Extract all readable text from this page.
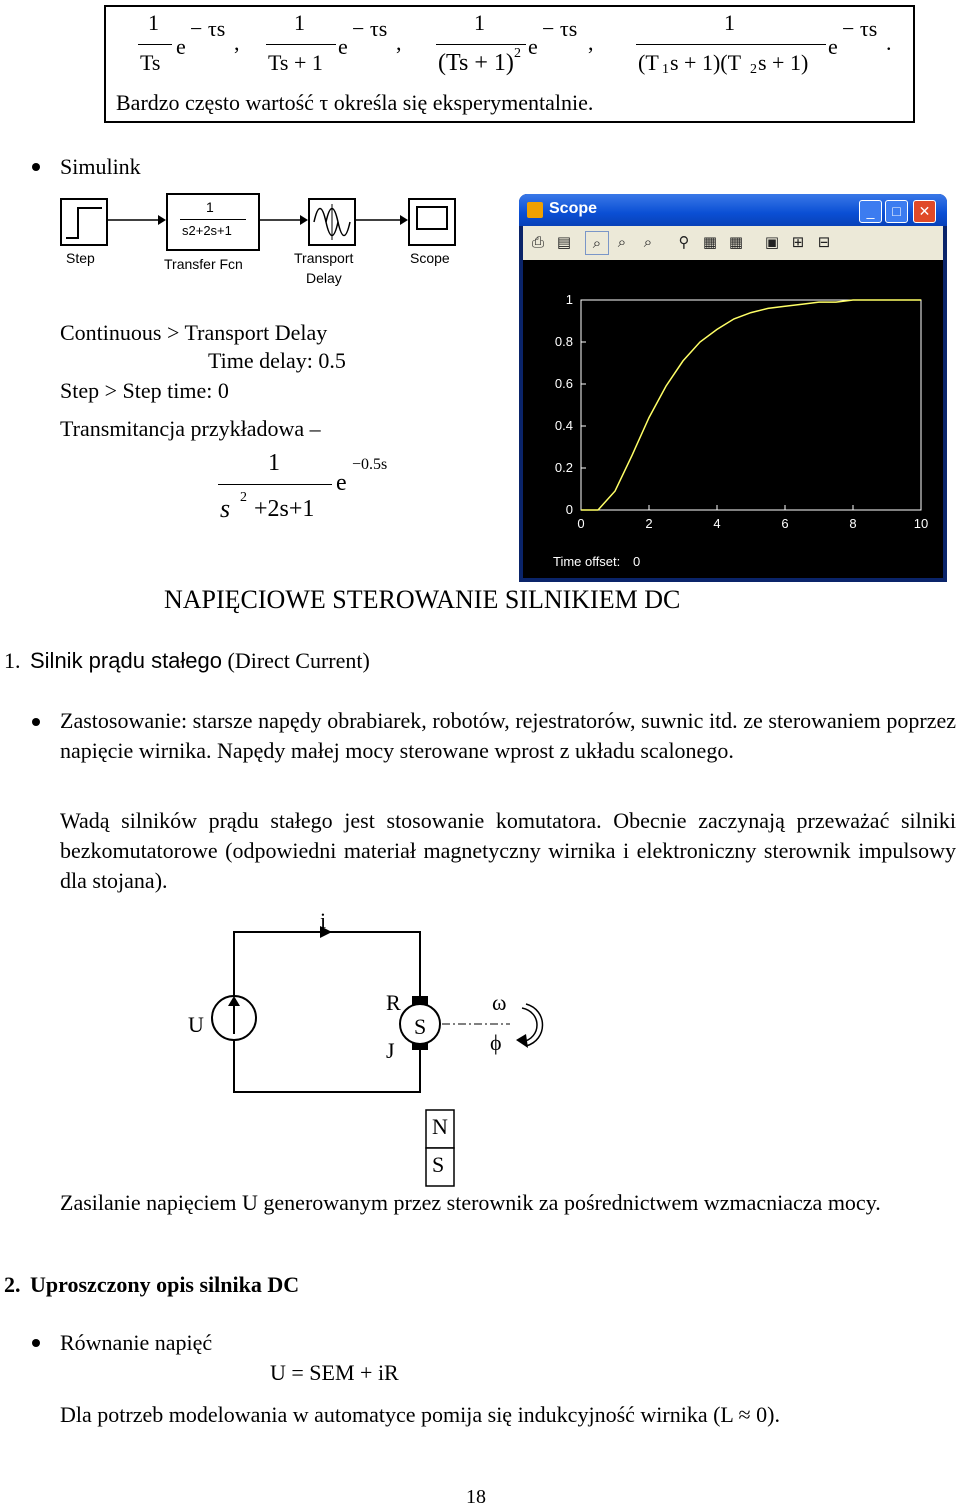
1
Ts
e
− τs
,
1
Ts + 1
e
− τs
,
1
(Ts + 1) 2 e
− τs
,
1
(T 1 s + 1)(T 2 s + 1)
e
− τs
.
Bardzo często wartość τ określa się eksperymentalnie.
Simulink
Step
1
s2+2s+1
Transfer Fcn	Transport
Delay
Scope
Continuous > Transport Delay
Time delay: 0.5
Step > Step time: 0
Transmitancja przykładowa –
1
s 2 +2s+1
e
−0.5s
Scope	_	□	✕
⎙ ▤	⌕	⌕	⌕	⚲ ▦ ▦ ▣ ⊞ ⊟
0	2	4	6	8	10
0
0.2
0.4
0.6
0.8
1
Time offset: 0
NAPIĘCIOWE STEROWANIE SILNIKIEM DC
1. Silnik prądu stałego (Direct Current)
Zastosowanie: starsze napędy obrabiarek, robotów, rejestratorów, suwnic itd. ze sterowaniem poprzez napięcie wirnika. Napędy małej mocy sterowane wprost z układu scalonego.
Wadą silników prądu stałego jest stosowanie komutatora. Obecnie zaczynają przeważać silniki bezkomutatorowe (odpowiedni materiał magnetyczny wirnika i elektroniczny sterownik impulsowy dla stojana).
i
U
R
S
J
ω
ϕ
N
S
Zasilanie napięciem U generowanym przez sterownik za pośrednictwem wzmacniacza mocy.
2. Uproszczony opis silnika DC
Równanie napięć
U = SEM + iR
Dla potrzeb modelowania w automatyce pomija się indukcyjność wirnika (L ≈ 0).
18
